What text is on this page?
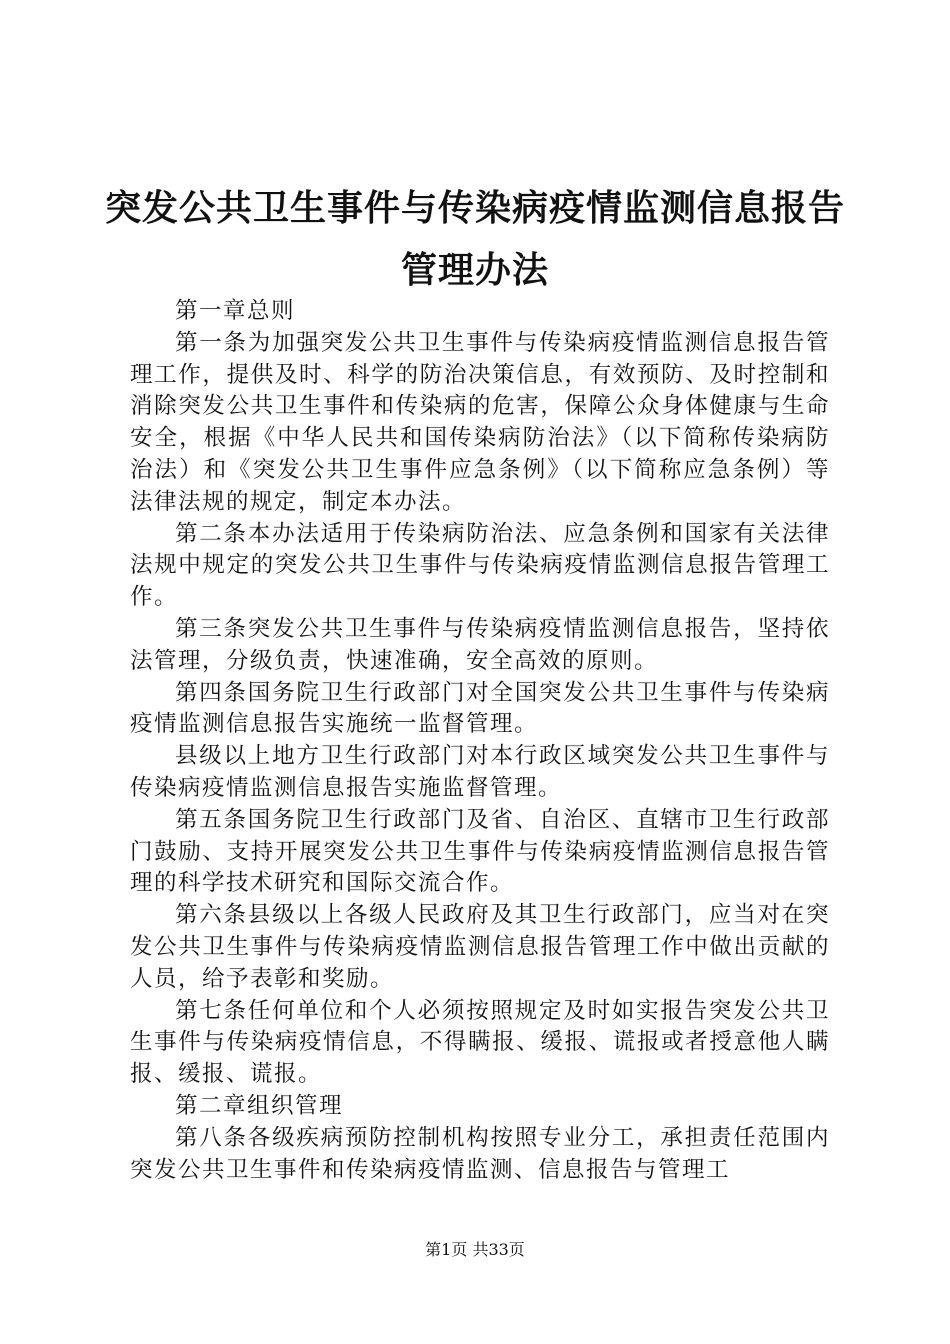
突发公共卫生事件与传染病疫情监测信息报告
管理办法

第一章总则

第一条为加强突发公共卫生事件与传染病疫情监测信息报告管理工作，提供及时、科学的防治决策信息，有效预防、及时控制和消除突发公共卫生事件和传染病的危害，保障公众身体健康与生命安全，根据《中华人民共和国传染病防治法》（以下简称传染病防治法）和《突发公共卫生事件应急条例》（以下简称应急条例）等法律法规的规定，制定本办法。

第二条本办法适用于传染病防治法、应急条例和国家有关法律法规中规定的突发公共卫生事件与传染病疫情监测信息报告管理工作。

第三条突发公共卫生事件与传染病疫情监测信息报告，坚持依法管理，分级负责，快速准确，安全高效的原则。

第四条国务院卫生行政部门对全国突发公共卫生事件与传染病疫情监测信息报告实施统一监督管理。

县级以上地方卫生行政部门对本行政区域突发公共卫生事件与传染病疫情监测信息报告实施监督管理。

第五条国务院卫生行政部门及省、自治区、直辖市卫生行政部门鼓励、支持开展突发公共卫生事件与传染病疫情监测信息报告管理的科学技术研究和国际交流合作。

第六条县级以上各级人民政府及其卫生行政部门，应当对在突发公共卫生事件与传染病疫情监测信息报告管理工作中做出贡献的人员，给予表彰和奖励。

第七条任何单位和个人必须按照规定及时如实报告突发公共卫生事件与传染病疫情信息，不得瞒报、缓报、谎报或者授意他人瞒报、缓报、谎报。

第二章组织管理

第八条各级疾病预防控制机构按照专业分工，承担责任范围内突发公共卫生事件和传染病疫情监测、信息报告与管理工

第1页 共33页
